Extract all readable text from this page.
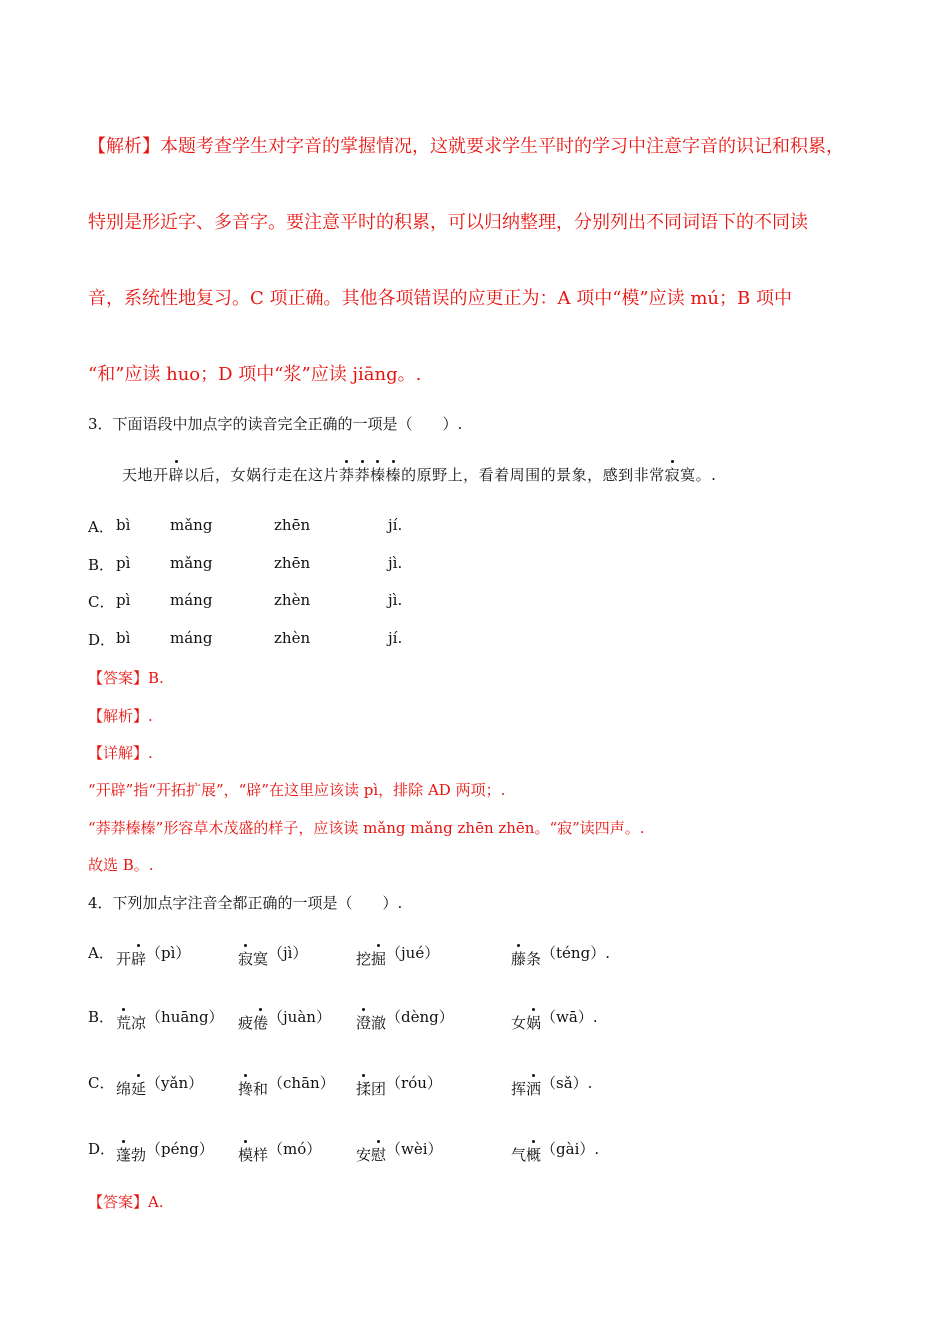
【解析】本题考查学生对字音的掌握情况，这就要求学生平时的学习中注意字音的识记和积累，
特别是形近字、多音字。要注意平时的积累，可以归纳整理，分别列出不同词语下的不同读
音，系统性地复习。C 项正确。其他各项错误的应更正为：A 项中“模”应读 mú；B 项中
“和”应读 huo；D 项中“浆”应读 jiāng。.
3．下面语段中加点字的读音完全正确的一项是（　　）.
天地开辟以后，女娲行走在这片莽莽榛榛的原野上，看着周围的景象，感到非常寂寞。.
A． bì	mǎng	zhēn	jí.
B． pì	mǎng	zhēn	jì.
C． pì	máng	zhèn	jì.
D． bì	máng	zhèn	jí.
【答案】B.
【解析】.
【详解】.
“开辟”指“开拓扩展”，“辟”在这里应该读 pì，排除 AD 两项；.
“莽莽榛榛”形容草木茂盛的样子，应该读 mǎng mǎng zhēn zhēn。“寂”读四声。.
故选 B。.
4．下列加点字注音全都正确的一项是（　　）.
A． 开辟（pì）	寂寞（jì）	挖掘（jué）	藤条（téng）.
B． 荒凉（huāng） 疲倦（juàn） 澄澈（dèng）	女娲（wā）.
C． 绵延（yǎn） 搀和（chān） 揉团（róu）	挥洒（sǎ）.
D． 蓬勃（péng） 模样（mó） 安慰（wèi）	气概（gài）.
【答案】A.
